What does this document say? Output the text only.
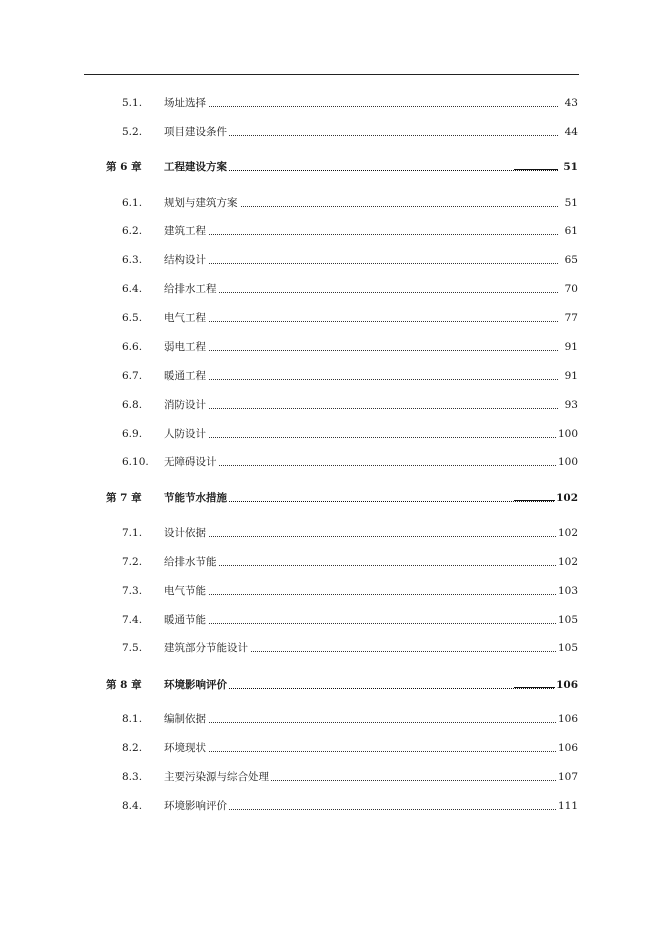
5.1. 场址选择	43
5.2. 项目建设条件	44
第 6 章 工程建设方案	51
6.1. 规划与建筑方案	51
6.2. 建筑工程	61
6.3. 结构设计	65
6.4. 给排水工程	70
6.5. 电气工程	77
6.6. 弱电工程	91
6.7. 暖通工程	91
6.8. 消防设计	93
6.9. 人防设计	100
6.10. 无障碍设计	100
第 7 章 节能节水措施	102
7.1. 设计依据	102
7.2. 给排水节能	102
7.3. 电气节能	103
7.4. 暖通节能	105
7.5. 建筑部分节能设计	105
第 8 章 环境影响评价	106
8.1. 编制依据	106
8.2. 环境现状	106
8.3. 主要污染源与综合处理	107
8.4. 环境影响评价	111
